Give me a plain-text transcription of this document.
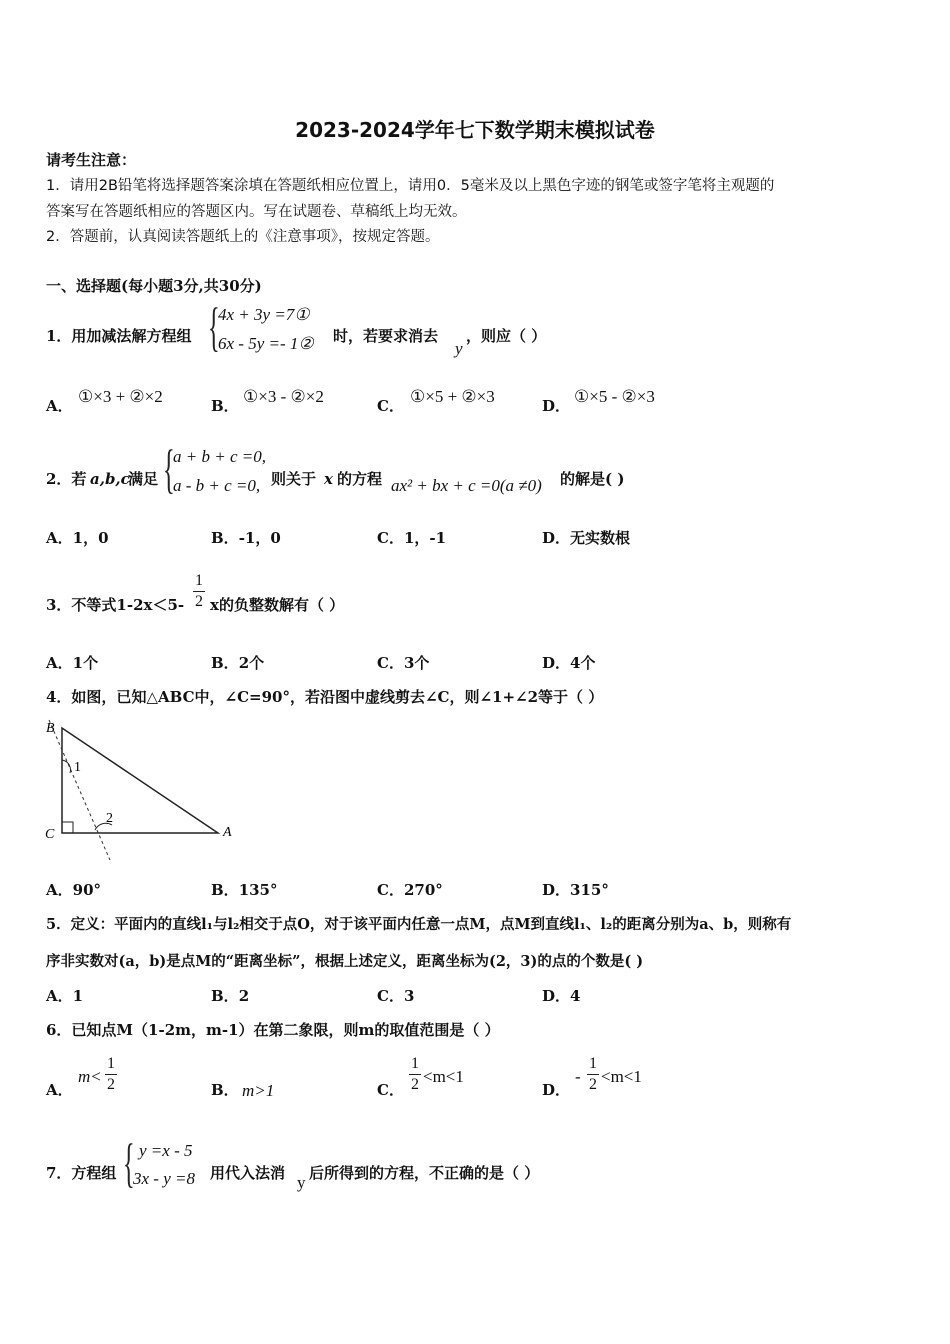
2023-2024学年七下数学期末模拟试卷
请考生注意：
1．请用2B铅笔将选择题答案涂填在答题纸相应位置上，请用0．5毫米及以上黑色字迹的钢笔或签字笔将主观题的
答案写在答题纸相应的答题区内。写在试题卷、草稿纸上均无效。
2．答题前，认真阅读答题纸上的《注意事项》，按规定答题。
一、选择题(每小题3分,共30分)
1．用加减法解方程组 {
4x + 3y =7①
6x - 5y =- 1② 时，若要求消去
y
，则应（ ）
A． ①×3 + ②×2	B． ①×3 - ②×2	C． ①×5 + ②×3	D． ①×5 - ②×3
2．若 a,b,c
满足 {
a + b + c =0,
a - b + c =0, 则关于 x 的方程 ax² + bx + c =0(a ≠0) 的解是( )
A．1，0	B．-1，0	C．1，-1	D．无实数根
3．不等式1-2x＜5-
1
2 x的负整数解有（ ）
A．1个	B．2个	C．3个	D．4个
4．如图，已知△ABC中，∠C=90°，若沿图中虚线剪去∠C，则∠1+∠2等于（ ）
B
C	A
1
2
A．90°	B．135°	C．270°	D．315°
5．定义：平面内的直线l₁与l₂相交于点O，对于该平面内任意一点M，点M到直线l₁、l₂的距离分别为a、b，则称有
序非实数对(a，b)是点M的“距离坐标”，根据上述定义，距离坐标为(2，3)的点的个数是( )
A．1	B．2	C．3	D．4
6．已知点M（1-2m，m-1）在第二象限，则m的取值范围是（ ）
A．
m<
1
2	B． m>1	C．
1
2 <m<1
D．
-
1
2 <m<1
7．方程组 { y =x - 5
3x - y =8 用代入法消 y 后所得到的方程，不正确的是（ ）
